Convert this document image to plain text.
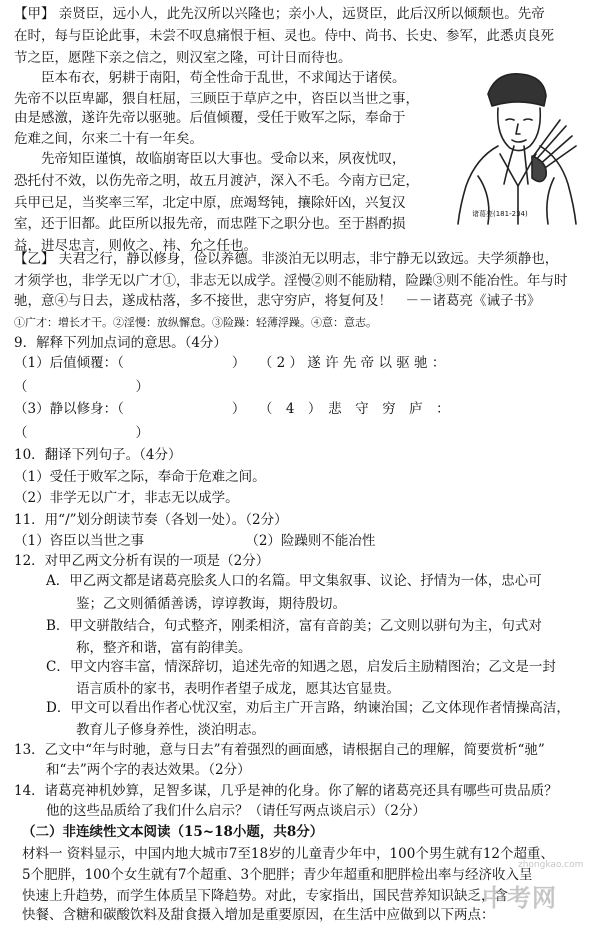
【甲】 亲贤臣，远小人，此先汉所以兴隆也；亲小人，远贤臣，此后汉所以倾颓也。先帝
在时，每与臣论此事，未尝不叹息痛恨于桓、灵也。侍中、尚书、长史、参军，此悉贞良死
节之臣，愿陛下亲之信之，则汉室之隆，可计日而待也。
　　臣本布衣，躬耕于南阳，苟全性命于乱世，不求闻达于诸侯。
先帝不以臣卑鄙，猥自枉屈，三顾臣于草庐之中，咨臣以当世之事，
由是感激，遂许先帝以驱驰。后值倾覆，受任于败军之际，奉命于
危难之间，尔来二十有一年矣。
　　先帝知臣谨慎，故临崩寄臣以大事也。受命以来，夙夜忧叹，
恐托付不效，以伤先帝之明，故五月渡泸，深入不毛。今南方已定，
兵甲已足，当奖率三军，北定中原，庶竭驽钝，攘除奸凶，兴复汉
室，还于旧都。此臣所以报先帝，而忠陛下之职分也。至于斟酌损
益，进尽忠言，则攸之、祎、允之任也。
【乙】 夫君之行，静以修身，俭以养德。非淡泊无以明志，非宁静无以致远。夫学须静也，
才须学也，非学无以广才①，非志无以成学。淫慢②则不能励精，险躁③则不能冶性。年与时
驰，意④与日去，遂成枯落，多不接世，悲守穷庐，将复何及！　－－诸葛亮《诫子书》
①广才：增长才干。②淫慢：放纵懈怠。③险躁：轻薄浮躁。④意：意志。
9．解释下列加点词的意思。（4分）
（1）后值倾覆：（　　　　　　　　）　　（ 2 ） 遂 许 先 帝 以 驱 驰 ：
（　　　　　　　　）
（3）静以修身：（　　　　　　　　）　　（　4　）　悲　守　穷　庐　：
（　　　　　　　　）
10．翻译下列句子。（4分）
（1）受任于败军之际，奉命于危难之间。
（2）非学无以广才，非志无以成学。
11．用“/”划分朗读节奏（各划一处）。（2分）
（1）咨臣以当世之事　　　　　　　　（2）险躁则不能冶性
12．对甲乙两文分析有误的一项是（2分）
A．甲乙两文都是诸葛亮脍炙人口的名篇。甲文集叙事、议论、抒情为一体，忠心可
鉴；乙文则循循善诱，谆谆教诲，期待殷切。
B．甲文骈散结合，句式整齐，刚柔相济，富有音韵美；乙文则以骈句为主，句式对
称，整齐和谐，富有韵律美。
C．甲文内容丰富，情深辞切，追述先帝的知遇之恩，启发后主励精图治；乙文是一封
语言质朴的家书，表明作者望子成龙，愿其达官显贵。
D．甲文可以看出作者心忧汉室，劝后主广开言路，纳谏治国；乙文体现作者情操高洁，
教育儿子修身养性，淡泊明志。
13．乙文中“年与时驰，意与日去”有着强烈的画面感，请根据自己的理解，简要赏析“驰”
和“去”两个字的表达效果。（2分）
14．诸葛亮神机妙算，足智多谋，几乎是神的化身。你了解的诸葛亮还具有哪些可贵品质？
他的这些品质给了我们什么启示？（请任写两点谈启示）（2分）
（二）非连续性文本阅读（15~18小题，共8分）
材料一 资料显示，中国内地大城市7至18岁的儿童青少年中，100个男生就有12个超重、
5个肥胖，100个女生就有7个超重、3个肥胖；青少年超重和肥胖检出率与经济收入呈
快速上升趋势，而学生体质呈下降趋势。对此，专家指出，国民营养知识缺乏，含
快餐、含糖和碳酸饮料及甜食摄入增加是重要原因，在生活中应做到以下两点：
诸葛亮(181-234)
zhongkao.com
中考网
